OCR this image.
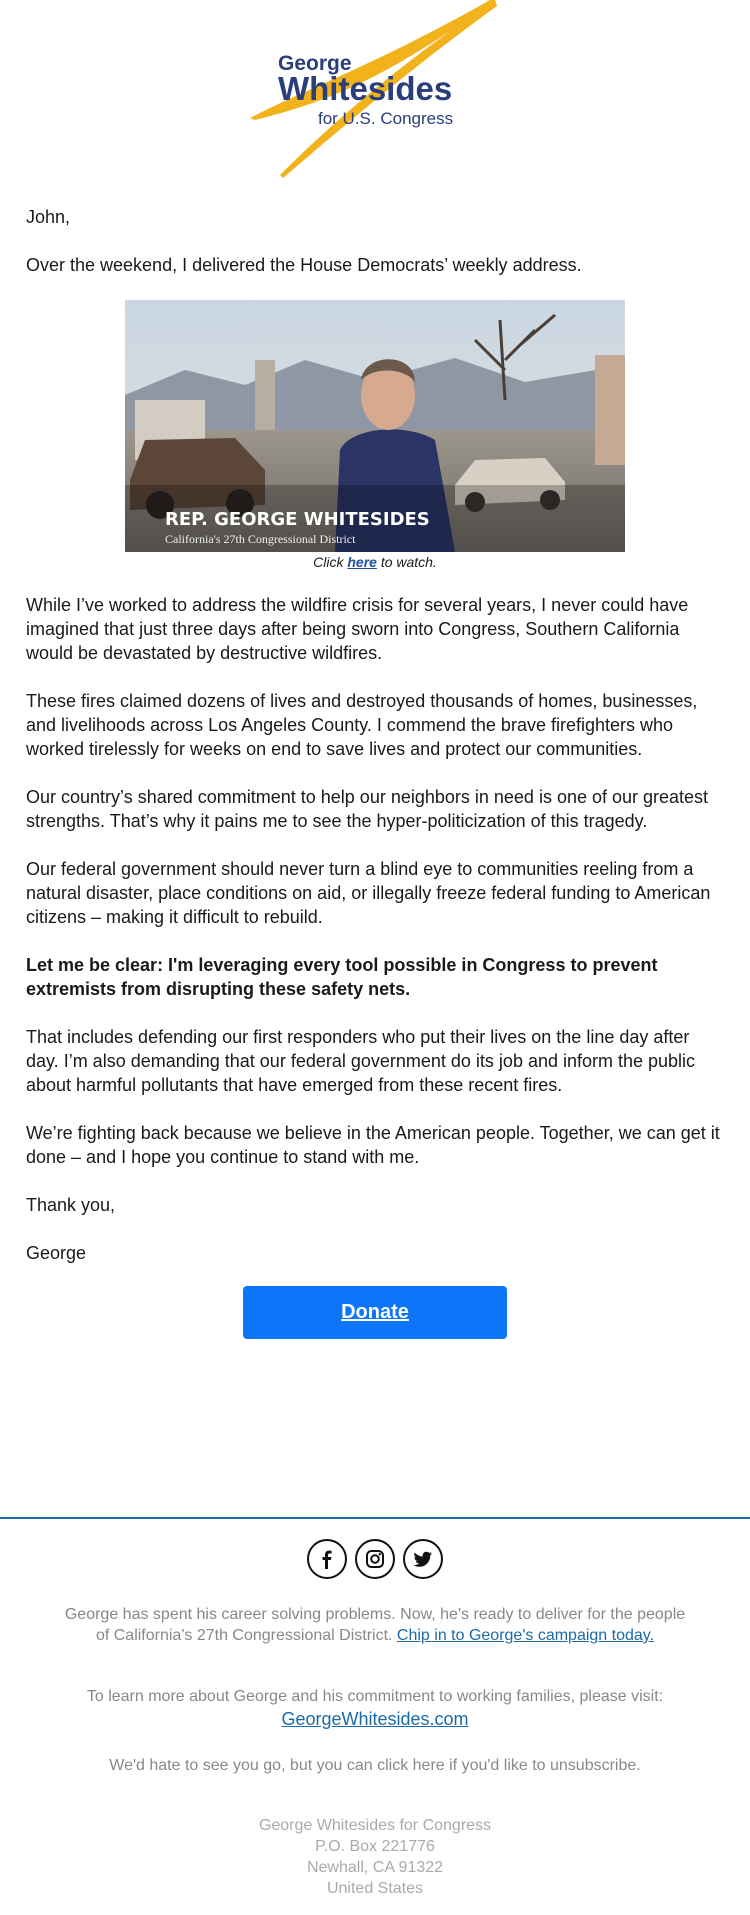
George
Whitesides
for U.S. Congress

John,

Over the weekend, I delivered the House Democrats’ weekly address.

REP. GEORGE WHITESIDES
California's 27th Congressional District
Click here to watch.

While I’ve worked to address the wildfire crisis for several years, I never could have imagined that just three days after being sworn into Congress, Southern California would be devastated by destructive wildfires.

These fires claimed dozens of lives and destroyed thousands of homes, businesses, and livelihoods across Los Angeles County. I commend the brave firefighters who worked tirelessly for weeks on end to save lives and protect our communities.

Our country’s shared commitment to help our neighbors in need is one of our greatest strengths. That’s why it pains me to see the hyper-politicization of this tragedy.

Our federal government should never turn a blind eye to communities reeling from a natural disaster, place conditions on aid, or illegally freeze federal funding to American citizens – making it difficult to rebuild.

Let me be clear: I'm leveraging every tool possible in Congress to prevent extremists from disrupting these safety nets.

That includes defending our first responders who put their lives on the line day after day. I’m also demanding that our federal government do its job and inform the public about harmful pollutants that have emerged from these recent fires.

We’re fighting back because we believe in the American people. Together, we can get it done – and I hope you continue to stand with me.

Thank you,

George

Donate

George has spent his career solving problems. Now, he's ready to deliver for the people of California's 27th Congressional District. Chip in to George's campaign today.
To learn more about George and his commitment to working families, please visit:
GeorgeWhitesides.com
We'd hate to see you go, but you can click here if you'd like to unsubscribe.
George Whitesides for Congress
P.O. Box 221776
Newhall, CA 91322
United States
